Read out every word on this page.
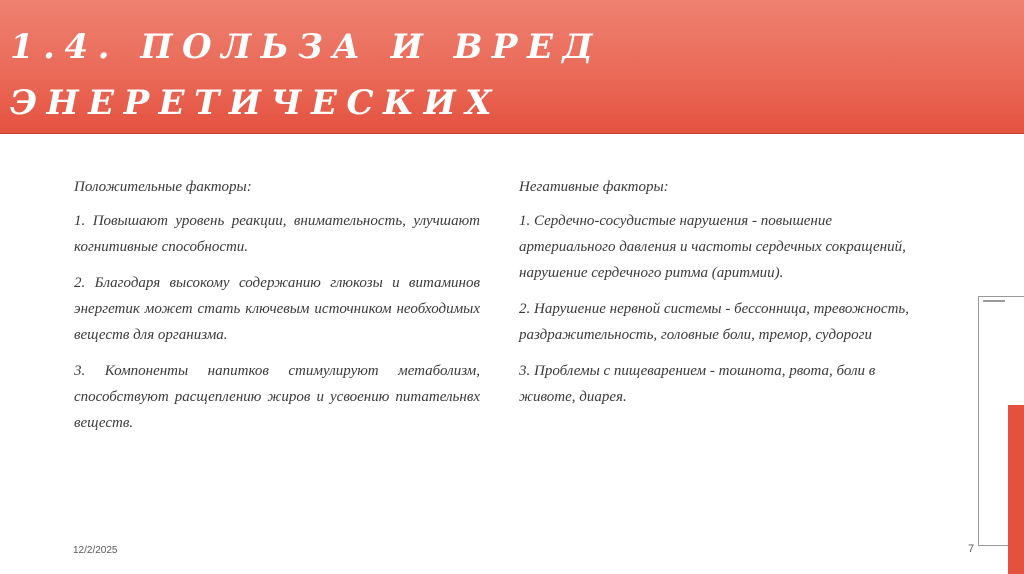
1.4. ПОЛЬЗА И ВРЕД ЭНЕРЕТИЧЕСКИХ
НАПИТКОВ
Положительные факторы:

1. Повышают уровень реакции, внимательность, улучшают когнитивные способности.

2. Благодаря высокому содержанию глюкозы и витаминов энергетик может стать ключевым источником необходимых веществ для организма.

3. Компоненты напитков стимулируют метаболизм, способствуют расщеплению жиров и усвоению питательнвх веществ.

Негативные факторы:

1. Сердечно-сосудистые нарушения - повышение артериального давления и частоты сердечных сокращений, нарушение сердечного ритма (аритмии).

2. Нарушение нервной системы - бессонница, тревожность, раздражительность, головные боли, тремор, судороги

3. Проблемы с пищеварением - тошнота, рвота, боли в животе, диарея.

12/2/2025	7
